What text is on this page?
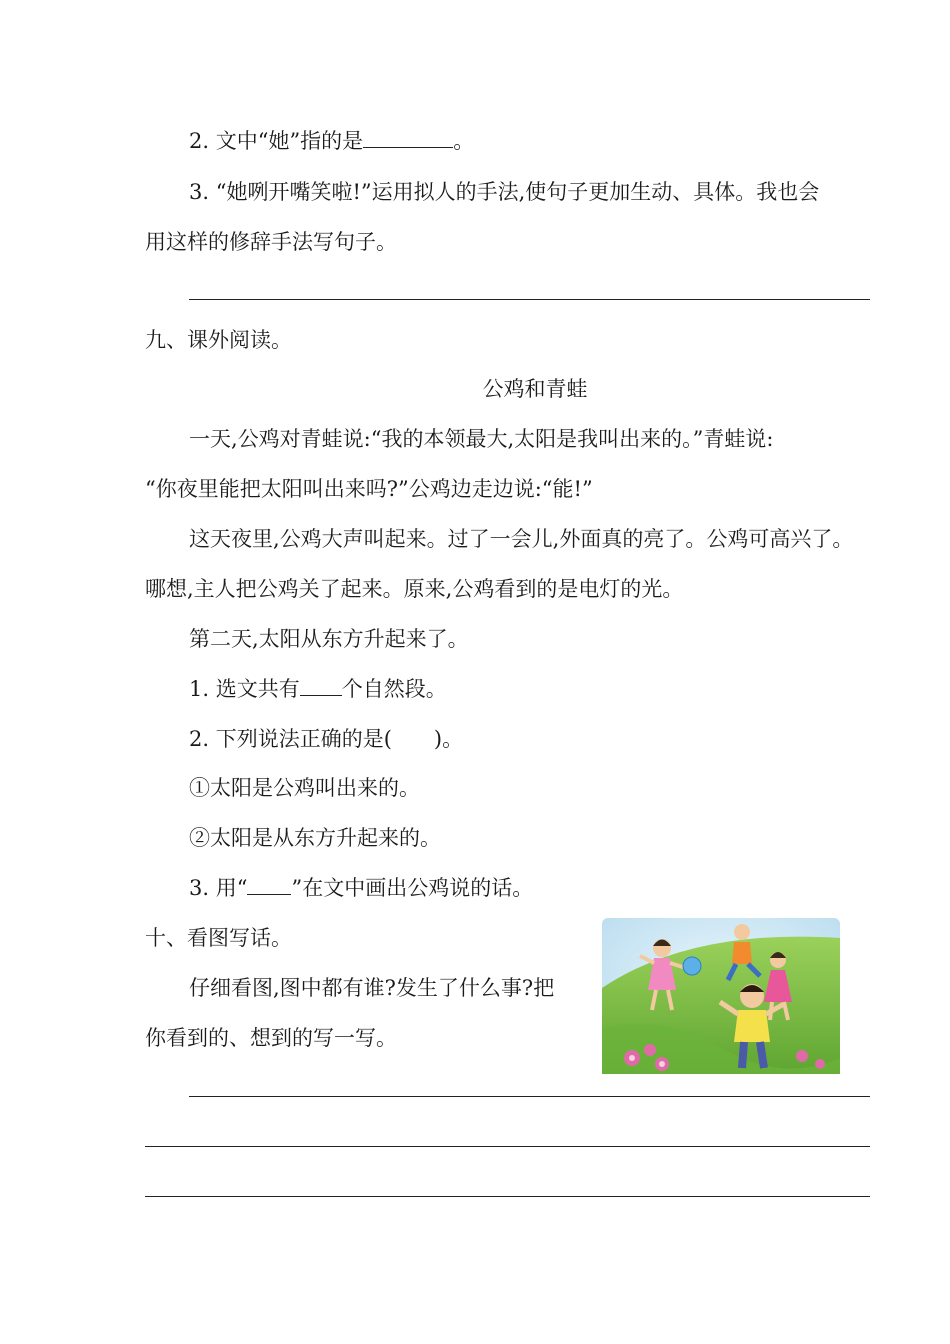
2. 文中“她”指的是	。
3. “她咧开嘴笑啦!”运用拟人的手法,使句子更加生动、具体。我也会
用这样的修辞手法写句子。
九、课外阅读。
公鸡和青蛙
一天,公鸡对青蛙说:“我的本领最大,太阳是我叫出来的。”青蛙说:
“你夜里能把太阳叫出来吗?”公鸡边走边说:“能!”
这天夜里,公鸡大声叫起来。过了一会儿,外面真的亮了。公鸡可高兴了。
哪想,主人把公鸡关了起来。原来,公鸡看到的是电灯的光。
第二天,太阳从东方升起来了。
1. 选文共有 个自然段。
2. 下列说法正确的是(　　)。
①太阳是公鸡叫出来的。
②太阳是从东方升起来的。
3. 用“ ”在文中画出公鸡说的话。
十、看图写话。
仔细看图,图中都有谁?发生了什么事?把
你看到的、想到的写一写。
